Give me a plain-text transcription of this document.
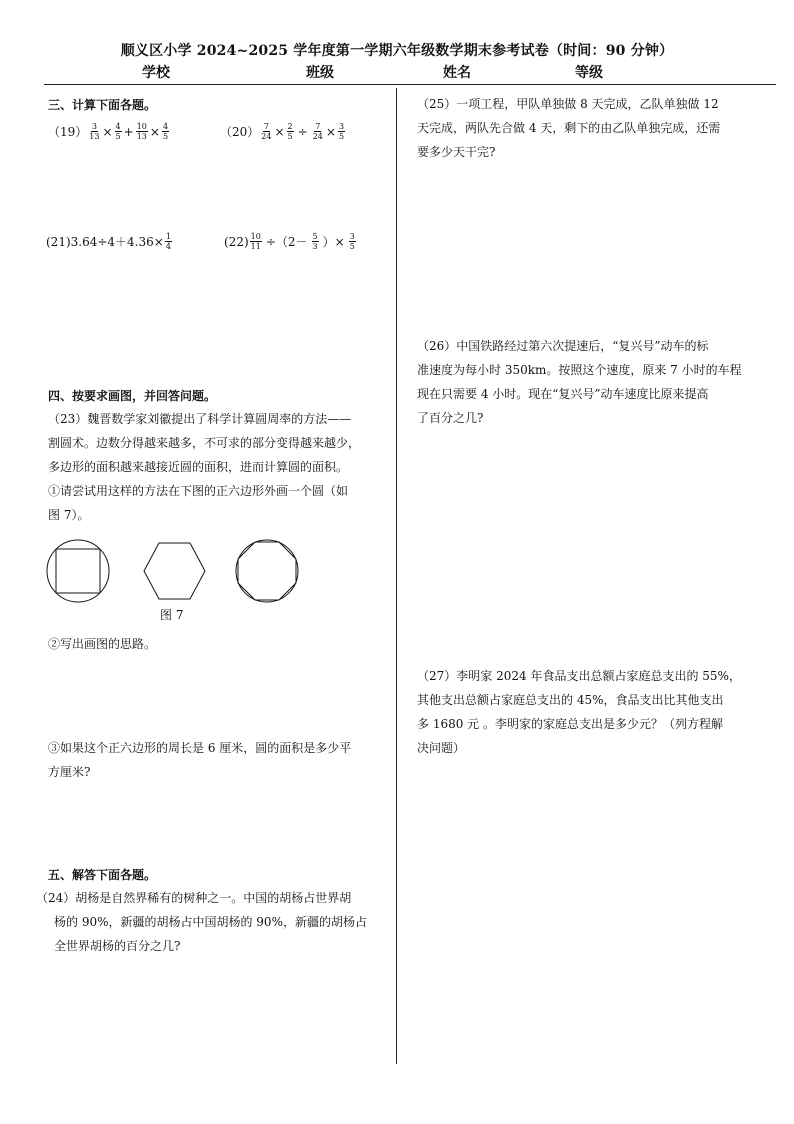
顺义区小学 2024~2025 学年度第一学期六年级数学期末参考试卷（时间：90 分钟）
学校	班级	姓名	等级
三、计算下面各题。
$(19) \frac{3}{13} \times \frac{4}{5} + \frac{10}{13} \times \frac{4}{5}$	$(20) \frac{7}{24} \times \frac{2}{5} \div \frac{7}{24} \times \frac{3}{5}$
(21) $3.64\div 4+4.36\times \frac{1}{4}$	$(22) \frac{10}{11} \div(2- \frac{5}{3}$ ）× $\frac{3}{5}$
四、按要求画图，并回答问题。
（23）魏晋数学家刘徽提出了科学计算圆周率的方法——
割圆术。边数分得越来越多，不可求的部分变得越来越少，
多边形的面积越来越接近圆的面积，进而计算圆的面积。
①请尝试用这样的方法在下图的正六边形外画一个圆（如
图 7）。
图 7
②写出画图的思路。
③如果这个正六边形的周长是 6 厘米，圆的面积是多少平
方厘米?
五、解答下面各题。
（24）胡杨是自然界稀有的树种之一。中国的胡杨占世界胡
杨的 90%，新疆的胡杨占中国胡杨的 90%，新疆的胡杨占
全世界胡杨的百分之几?
（25）一项工程，甲队单独做 8 天完成，乙队单独做 12
天完成，两队先合做 4 天，剩下的由乙队单独完成，还需
要多少天干完?
（26）中国铁路经过第六次提速后，“复兴号”动车的标
准速度为每小时 350km。按照这个速度，原来 7 小时的车程
现在只需要 4 小时。现在“复兴号”动车速度比原来提高
了百分之几?
（27）李明家 2024 年食品支出总额占家庭总支出的 55%，
其他支出总额占家庭总支出的 45%，食品支出比其他支出
多 1680 元 。李明家的家庭总支出是多少元？（列方程解
决问题）
